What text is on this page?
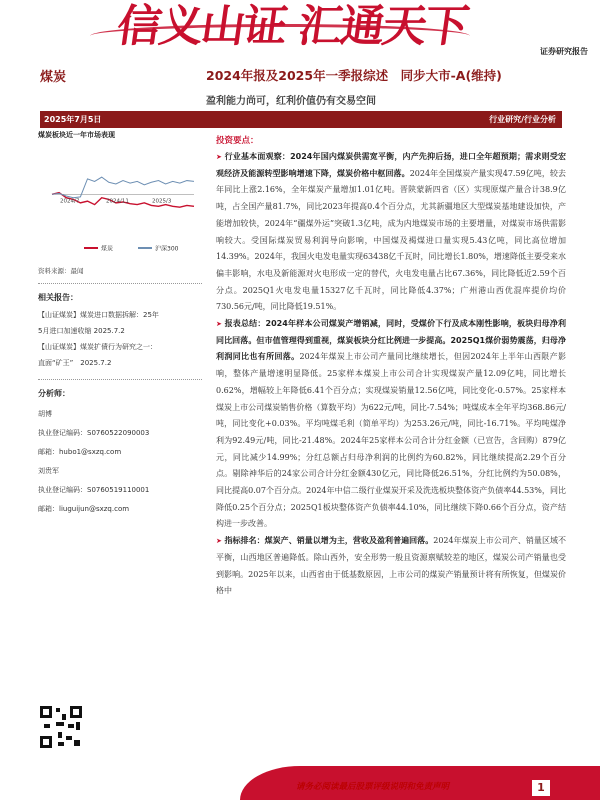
信义山证 汇通天下	证券研究报告
煤炭	2024年报及2025年一季报综述　同步大市-A(维持)
盈利能力尚可，红利价值仍有交易空间
2025年7月5日	行业研究/行业分析
煤炭板块近一年市场表现
2024/7	2024/11	2025/3
煤炭	沪深300
资料来源：最闻
相关报告：
【山证煤炭】煤炭进口数据拆解：25年
5月进口加速收缩 2025.7.2
【山证煤炭】煤炭扩債行为研究之一：
直面“矿王”　2025.7.2
分析师：
胡博
执业登记编码：S0760522090003
邮箱：hubo1@sxzq.com
刘贵军
执业登记编码：S0760519110001
邮箱：liuguijun@sxzq.com
投资要点：

➤ 行业基本面观察：2024年国内煤炭供需宽平衡，内产先抑后扬，进口全年超预期；需求则受宏观经济及能源转型影响增速下降，煤炭价格中枢回落。2024年全国煤炭产量实现47.59亿吨，较去年同比上涨2.16%，全年煤炭产量增加1.01亿吨。晋陕蒙新四省（区）实现原煤产量合计38.9亿吨，占全国产量81.7%，同比2023年提高0.4个百分点，尤其新疆地区大型煤炭基地建设加快，产能增加较快，2024年“疆煤外运”突破1.3亿吨，成为内地煤炭市场的主要增量，对煤炭市场供需影响较大。受国际煤炭贸易利润导向影响，中国煤及褐煤进口量实现5.43亿吨，同比高位增加14.39%。2024年，我国火电发电量实现63438亿千瓦时，同比增长1.80%，增速降低主要受来水偏丰影响，水电及新能源对火电形成一定的替代，火电发电量占比67.36%，同比降低近2.59个百分点。2025Q1火电发电量15327亿千瓦时，同比降低4.37%；广州港山西优混库提价均价730.56元/吨，同比降低19.51%。

➤ 报表总结：2024年样本公司煤炭产增销减，同时，受煤价下行及成本刚性影响，板块归母净利同比回落。但市值管理得到重视，煤炭板块分红比例进一步提高。2025Q1煤价弱势震荡，归母净利润同比也有所回落。2024年煤炭上市公司产量同比继续增长，但因2024年上半年山西限产影响，整体产量增速明显降低。25家样本煤炭上市公司合计实现煤炭产量12.09亿吨，同比增长0.62%，增幅较上年降低6.41个百分点；实现煤炭销量12.56亿吨，同比变化-0.57%。25家样本煤炭上市公司煤炭销售价格（算数平均）为622元/吨，同比-7.54%；吨煤成本全年平均368.86元/吨，同比变化+0.03%。平均吨煤毛利（简单平均）为253.26元/吨，同比-16.71%。平均吨煤净利为92.49元/吨，同比-21.48%。2024年25家样本公司合计分红金额（已宣告，含回购）879亿元，同比减少14.99%；分红总额占归母净利润的比例约为60.82%，同比继续提高2.29个百分点。剔除神华后的24家公司合计分红金额430亿元，同比降低26.51%，分红比例约为50.08%，同比提高0.07个百分点。2024年中信二级行业煤炭开采及洗选板块整体资产负债率44.53%，同比降低0.25个百分点；2025Q1板块整体资产负债率44.10%，同比继续下降0.66个百分点，资产结构进一步改善。

➤ 指标排名：煤炭产、销量以增为主，营收及盈利普遍回落。2024年煤炭上市公司产、销量区域不平衡，山西地区普遍降低。除山西外，安全形势一般且资源禀赋较差的地区，煤炭公司产销量也受到影响。2025年以来，山西省由于低基数原因，上市公司的煤炭产销量预计将有所恢复，但煤炭价格中

请务必阅读最后股票评级说明和免责声明	1
